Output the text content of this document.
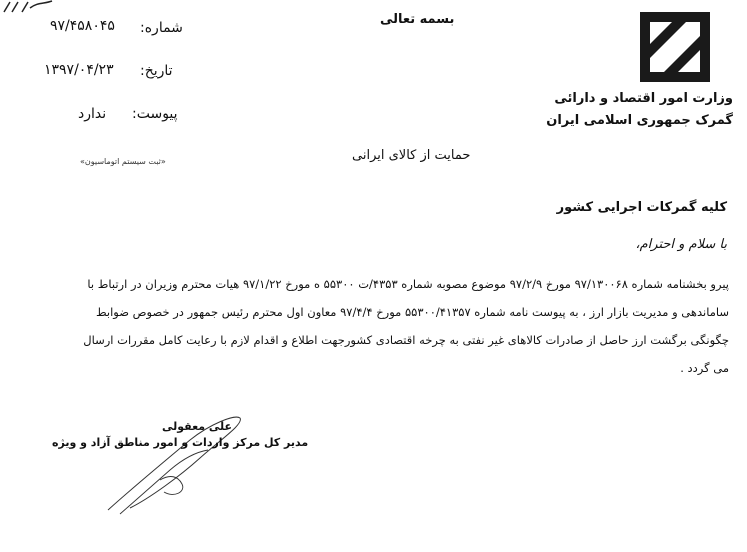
وزارت امور اقتصاد و دارائی
گمرک جمهوری اسلامی ایران
بسمه تعالی
شماره:
۹۷/۴۵۸۰۴۵
تاریخ:
۱۳۹۷/۰۴/۲۳
پیوست:
ندارد
«ثبت سیستم اتوماسیون»	حمایت از کالای ایرانی
کلیه گمرکات اجرایی کشور
با سلام و احترام،
پیرو بخشنامه شماره ۹۷/۱۳۰۰۶۸ مورخ ۹۷/۲/۹ موضوع مصوبه شماره ۴۳۵۳/ت ۵۵۳۰۰ ه مورخ ۹۷/۱/۲۲ هیات محترم وزیران در ارتباط با
ساماندهی و مدیریت بازار ارز ، به پیوست نامه شماره ۵۵۳۰۰/۴۱۳۵۷ مورخ ۹۷/۴/۴ معاون اول محترم رئیس جمهور در خصوص ضوابط
چگونگی برگشت ارز حاصل از صادرات کالاهای غیر نفتی به چرخه اقتصادی کشورجهت اطلاع و اقدام لازم با رعایت کامل مقررات ارسال
می گردد .
علی معقولی
مدیر کل مرکز واردات و امور مناطق آزاد و ویژه
